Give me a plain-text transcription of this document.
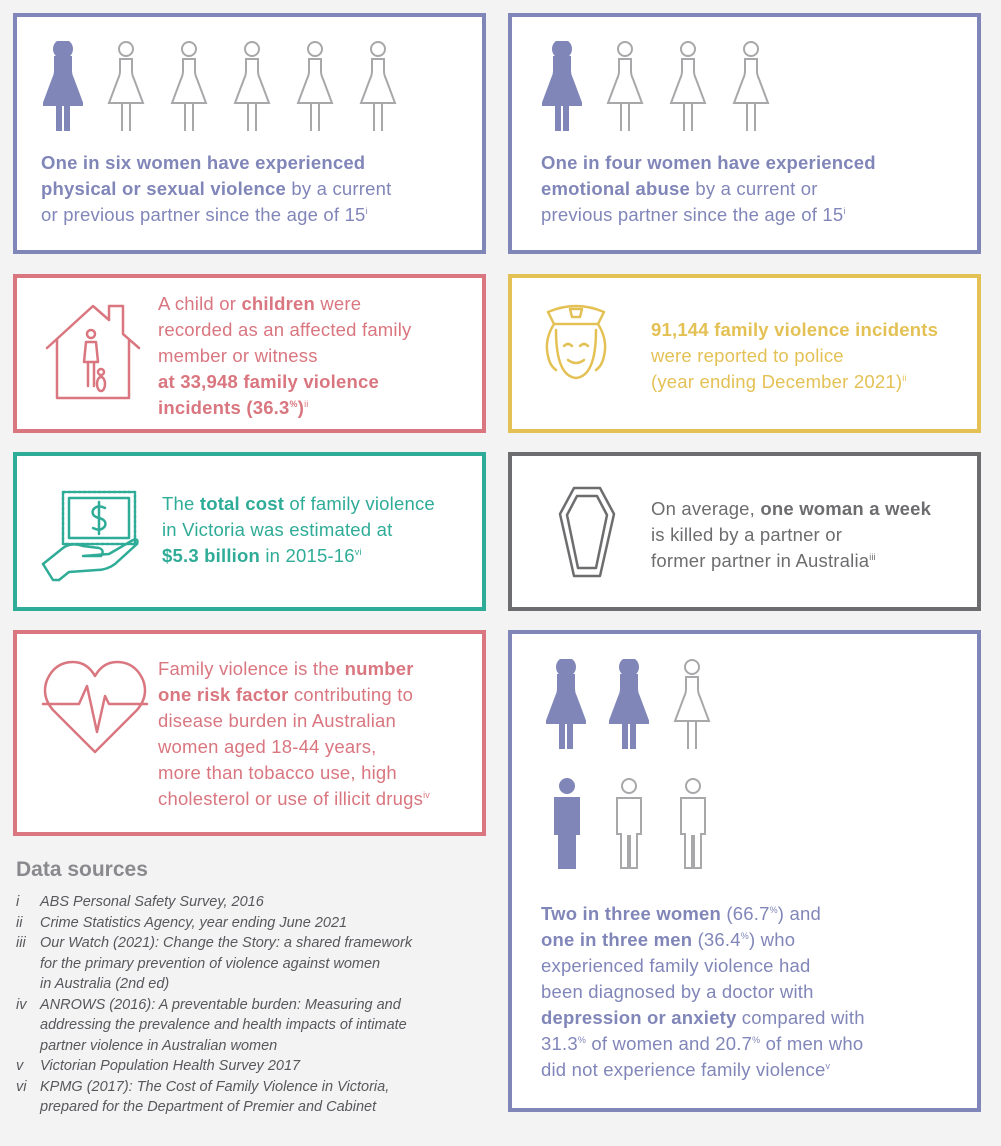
One in six women have experienced
physical or sexual violence by a current
or previous partner since the age of 15$^i$
One in four women have experienced
emotional abuse by a current or
previous partner since the age of 15$^i$
A child or children were
recorded as an affected family
member or witness
at 33,948 family violence
incidents $(36.3^{\%})^{ii}$
91,144 family violence incidents
were reported to police
(year ending December 2021)$^{ii}$
The total cost of family violence
in Victoria was estimated at
$5.3 billion in 2015-16$^{vi}$
On average, one woman a week
is killed by a partner or
former partner in Australia$^{iii}$
Family violence is the number
one risk factor contributing to
disease burden in Australian
women aged 18-44 years,
more than tobacco use, high
cholesterol or use of illicit drugs$^{iv}$
Two in three women (66.7%) and
one in three men (36.4%) who
experienced family violence had
been diagnosed by a doctor with
depression or anxiety compared with
31.3% of women and 20.7% of men who
did not experience family violence$^v$
Data sources
i	ABS Personal Safety Survey, 2016
ii	Crime Statistics Agency, year ending June 2021
iii Our Watch (2021): Change the Story: a shared framework
for the primary prevention of violence against women
in Australia (2nd ed)
iv ANROWS (2016): A preventable burden: Measuring and
addressing the prevalence and health impacts of intimate
partner violence in Australian women
v	Victorian Population Health Survey 2017
vi KPMG (2017): The Cost of Family Violence in Victoria,
prepared for the Department of Premier and Cabinet
